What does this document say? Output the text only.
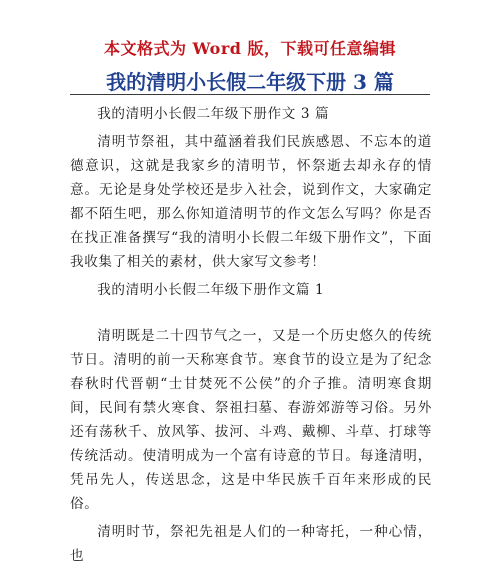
本文格式为 Word 版，下载可任意编辑
我的清明小长假二年级下册 3 篇

我的清明小长假二年级下册作文 3 篇

清明节祭祖，其中蕴涵着我们民族感恩、不忘本的道德意识，这就是我家乡的清明节，怀祭逝去却永存的情意。无论是身处学校还是步入社会，说到作文，大家确定都不陌生吧，那么你知道清明节的作文怎么写吗？你是否在找正准备撰写“我的清明小长假二年级下册作文”，下面我收集了相关的素材，供大家写文参考！

我的清明小长假二年级下册作文篇 1

清明既是二十四节气之一，又是一个历史悠久的传统节日。清明的前一天称寒食节。寒食节的设立是为了纪念春秋时代晋朝“士甘焚死不公侯”的介子推。清明寒食期间，民间有禁火寒食、祭祖扫墓、春游郊游等习俗。另外还有荡秋千、放风筝、拔河、斗鸡、戴柳、斗草、打球等传统活动。使清明成为一个富有诗意的节日。每逢清明，凭吊先人，传送思念，这是中华民族千百年来形成的民俗。

清明时节，祭祀先祖是人们的一种寄托，一种心情，也
